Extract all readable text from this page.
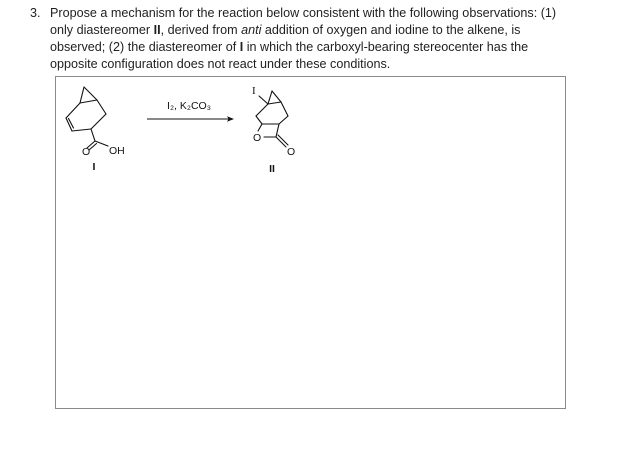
3. Propose a mechanism for the reaction below consistent with the following observations: (1)
only diastereomer II, derived from anti addition of oxygen and iodine to the alkene, is
observed; (2) the diastereomer of I in which the carboxyl-bearing stereocenter has the
opposite configuration does not react under these conditions.
O OH
I
I₂, K₂CO₃
I
O
O
II
